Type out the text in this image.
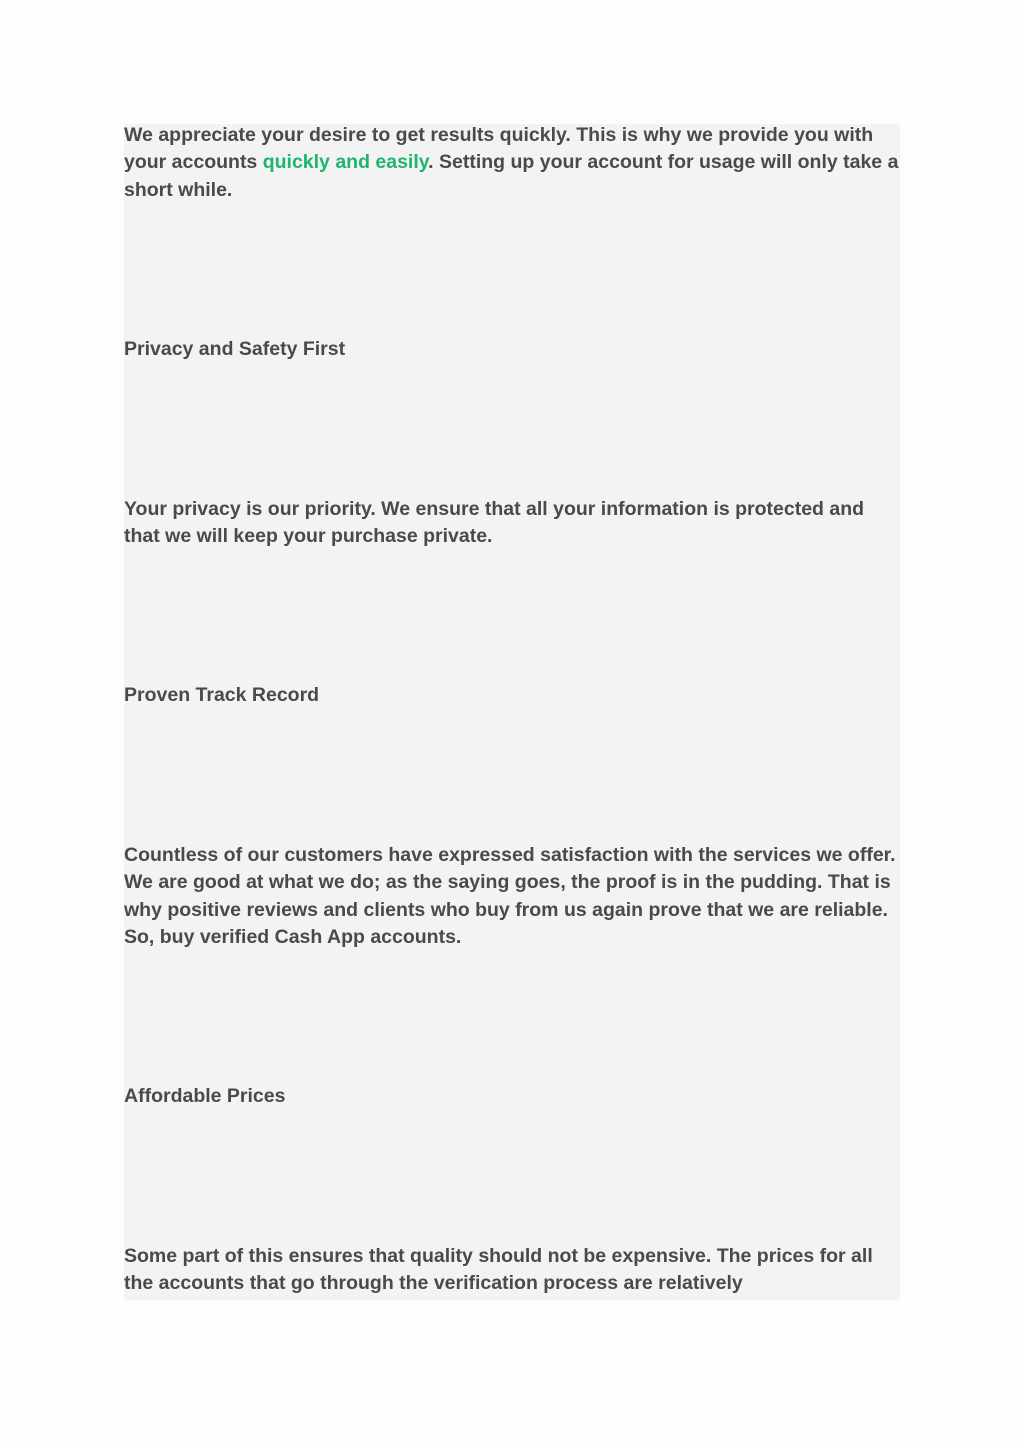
We appreciate your desire to get results quickly. This is why we provide you with your accounts quickly and easily. Setting up your account for usage will only take a short while.

Privacy and Safety First

Your privacy is our priority. We ensure that all your information is protected and that we will keep your purchase private.

Proven Track Record

Countless of our customers have expressed satisfaction with the services we offer. We are good at what we do; as the saying goes, the proof is in the pudding. That is why positive reviews and clients who buy from us again prove that we are reliable. So, buy verified Cash App accounts.

Affordable Prices

Some part of this ensures that quality should not be expensive. The prices for all the accounts that go through the verification process are relatively
